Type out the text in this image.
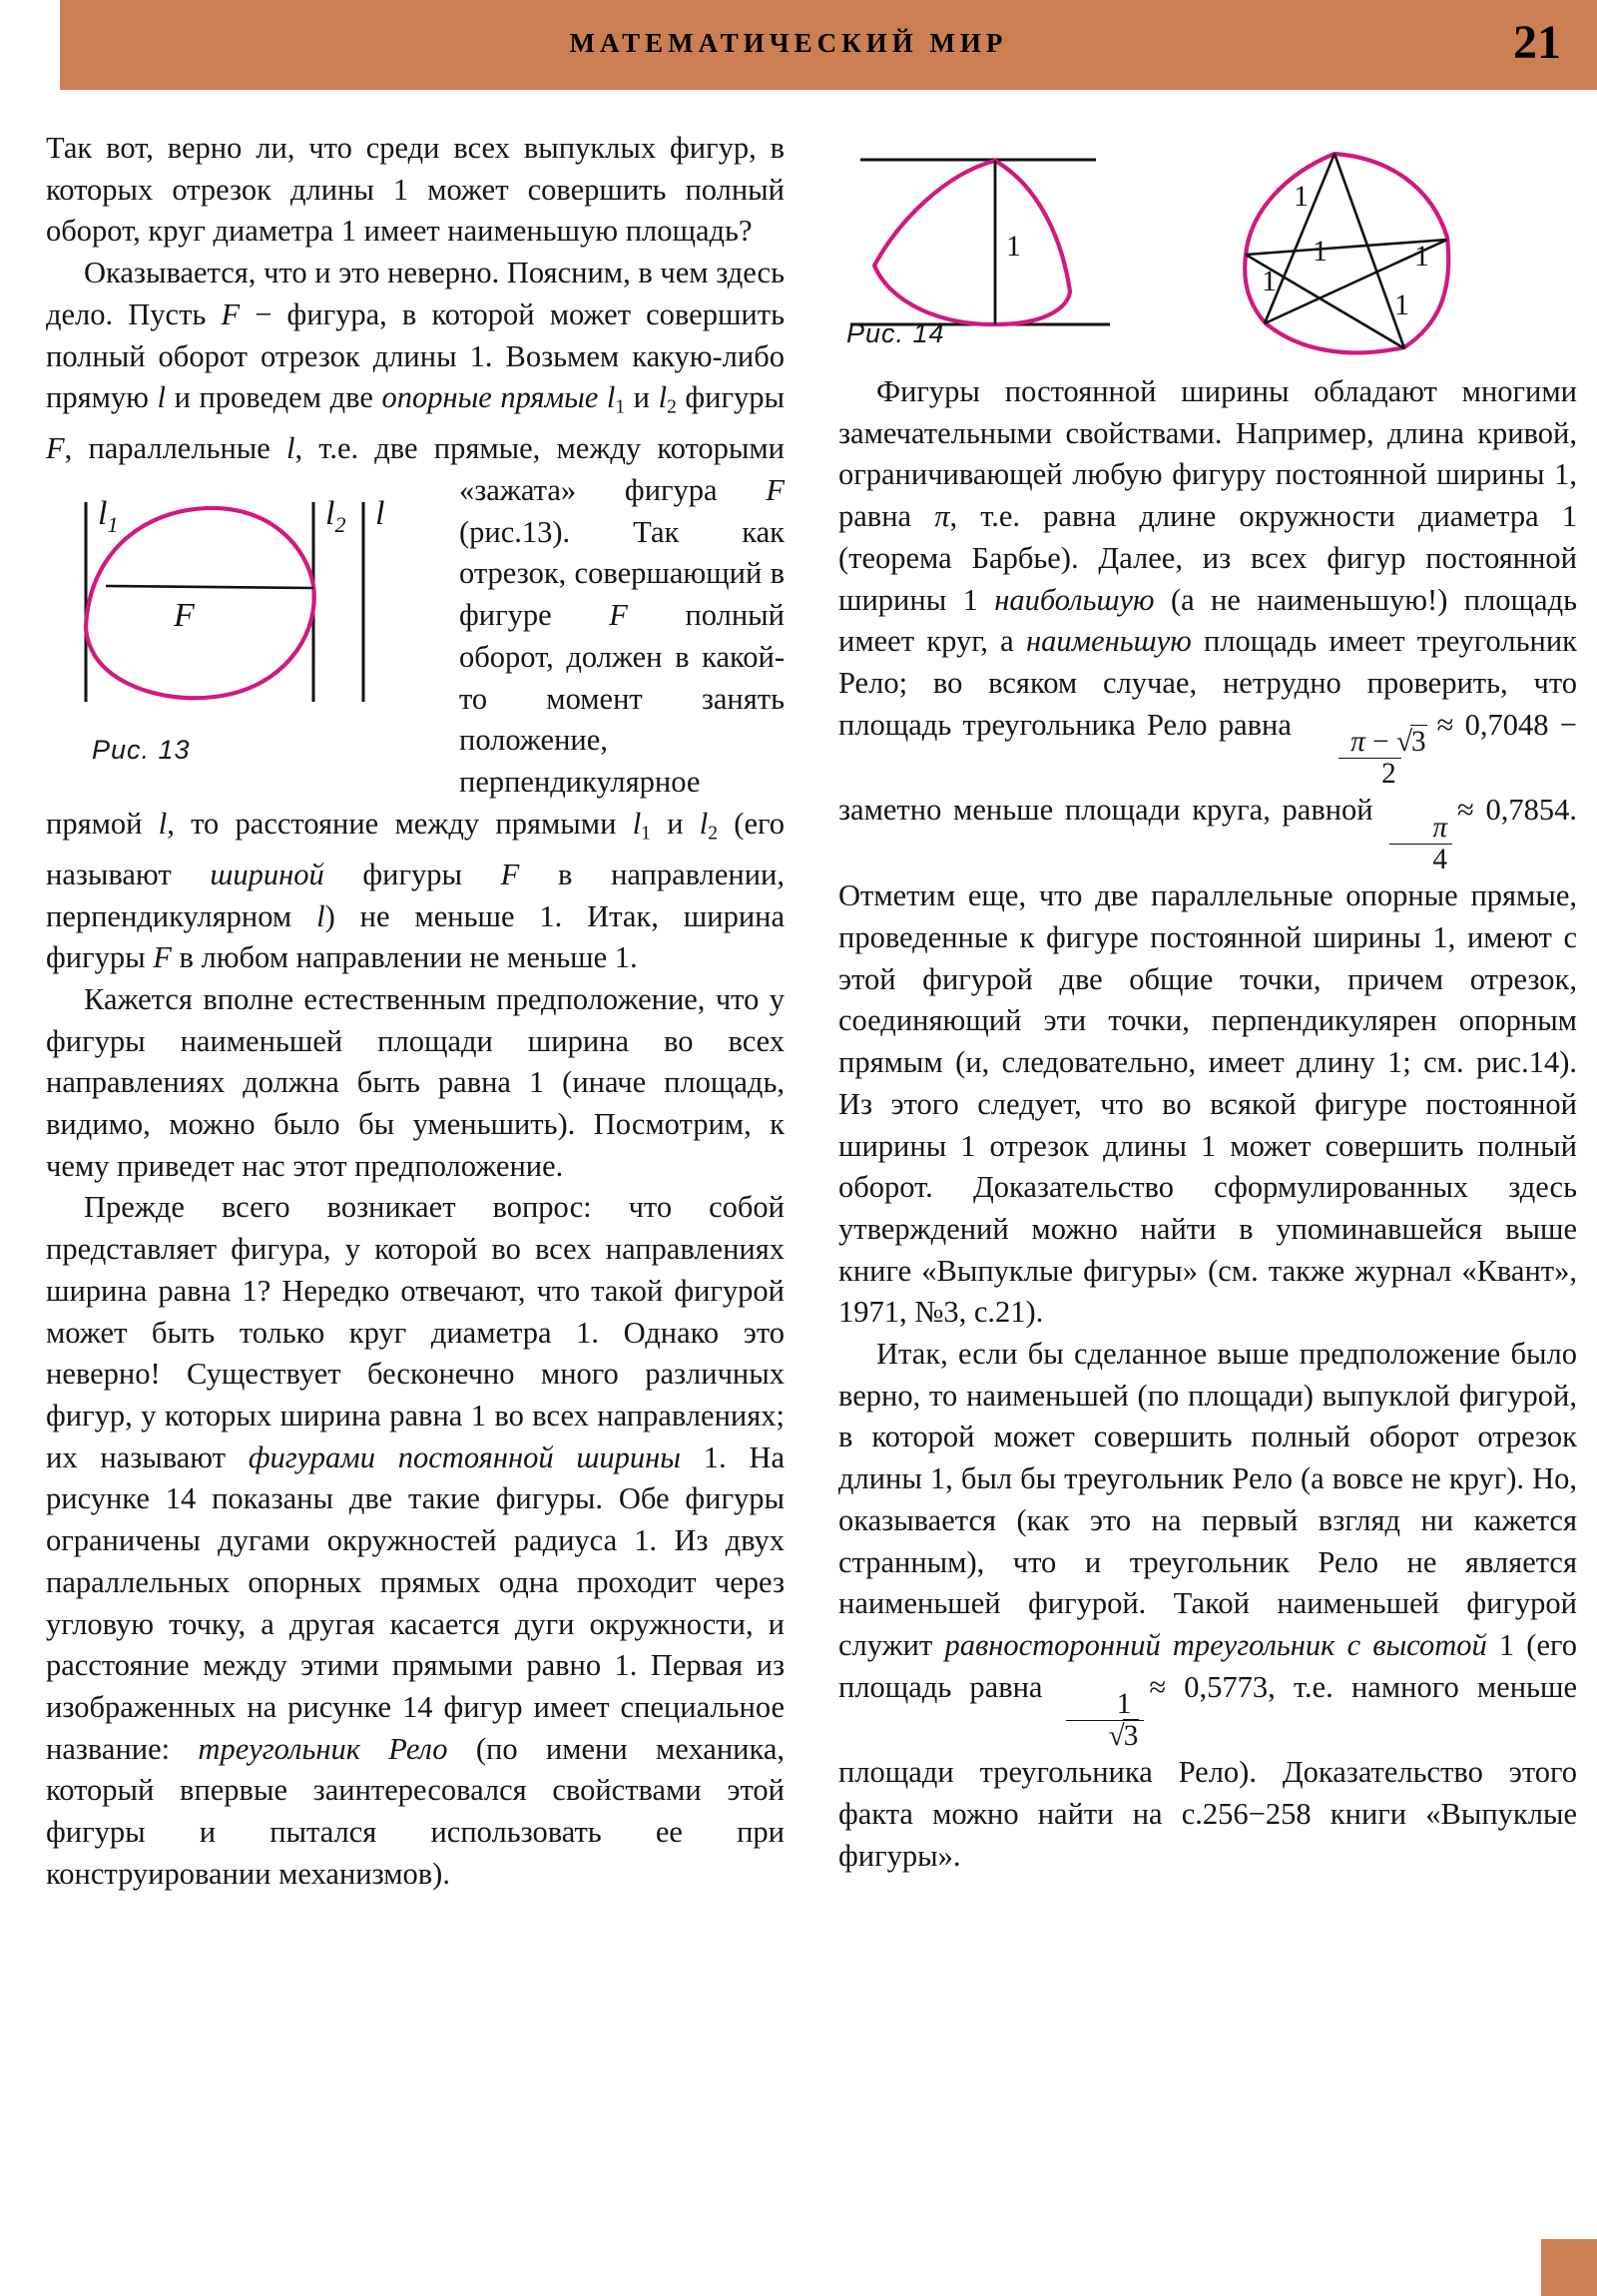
МАТЕМАТИЧЕСКИЙ МИР	21

Так вот, верно ли, что среди всех выпуклых фигур, в которых отрезок длины 1 может совершить полный оборот, круг диаметра 1 имеет наименьшую площадь?

Оказывается, что и это неверно. Поясним, в чем здесь дело. Пусть F − фигура, в которой может совершить полный оборот отрезок длины 1. Возьмем какую-либо прямую l и проведем две опорные прямые $l_1$ и $l_2$ фигуры F, параллельные l, т.е. две прямые, между которыми «зажата» фигура F
$l_1$	$l_2$ l
F
Рис. 13
(рис.13). Так как отрезок, совершающий в фигуре F полный оборот, должен в какой-то момент занять положение, перпендикулярное прямой l, то расстояние между прямыми $l_1$ и $l_2$ (его называют шириной фигуры F в направлении, перпендикулярном l) не меньше 1. Итак, ширина фигуры F в любом направлении не меньше 1.

Кажется вполне естественным предположение, что у фигуры наименьшей площади ширина во всех направлениях должна быть равна 1 (иначе площадь, видимо, можно было бы уменьшить). Посмотрим, к чему приведет нас этот предположение.

Прежде всего возникает вопрос: что собой представляет фигура, у которой во всех направлениях ширина равна 1? Нередко отвечают, что такой фигурой может быть только круг диаметра 1. Однако это неверно! Существует бесконечно много различных фигур, у которых ширина равна 1 во всех направлениях; их называют фигурами постоянной ширины 1. На рисунке 14 показаны две такие фигуры. Обе фигуры ограничены дугами окружностей радиуса 1. Из двух параллельных опорных прямых одна проходит через угловую точку, а другая касается дуги окружности, и расстояние между этими прямыми равно 1. Первая из изображенных на рисунке 14 фигур имеет специальное название: треугольник Рело (по имени механика, который впервые заинтересовался свойствами этой фигуры и пытался использовать ее при конструировании механизмов).

1
1
1
1
1
1
Рис. 14

Фигуры постоянной ширины обладают многими замечательными свойствами. Например, длина кривой, ограничивающей любую фигуру постоянной ширины 1, равна π, т.е. равна длине окружности диаметра 1 (теорема Барбье). Далее, из всех фигур постоянной ширины 1 наибольшую (а не наименьшую!) площадь имеет круг, а наименьшую площадь имеет треугольник Рело; во всяком случае, нетрудно проверить, что площадь треугольника Рело равна
$\frac{\pi - √3}{2}$
≈ 0,7048 − заметно меньше площади круга, равной
$\frac{\pi}{4}$
≈ 0,7854. Отметим еще, что две параллельные опорные прямые, проведенные к фигуре постоянной ширины 1, имеют с этой фигурой две общие точки, причем отрезок, соединяющий эти точки, перпендикулярен опорным прямым (и, следовательно, имеет длину 1; см. рис.14). Из этого следует, что во всякой фигуре постоянной ширины 1 отрезок длины 1 может совершить полный оборот. Доказательство сформулированных здесь утверждений можно найти в упоминавшейся выше книге «Выпуклые фигуры» (см. также журнал «Квант», 1971, №3, с.21).

Итак, если бы сделанное выше предположение было верно, то наименьшей (по площади) выпуклой фигурой, в которой может совершить полный оборот отрезок длины 1, был бы треугольник Рело (а вовсе не круг). Но, оказывается (как это на первый взгляд ни кажется странным), что и треугольник Рело не является наименьшей фигурой. Такой наименьшей фигурой служит равносторонний треугольник с высотой 1 (его площадь равна
$\frac{1}{√3}$
≈ 0,5773, т.е. намного меньше площади треугольника Рело). Доказательство этого факта можно найти на с.256−258 книги «Выпуклые фигуры».
